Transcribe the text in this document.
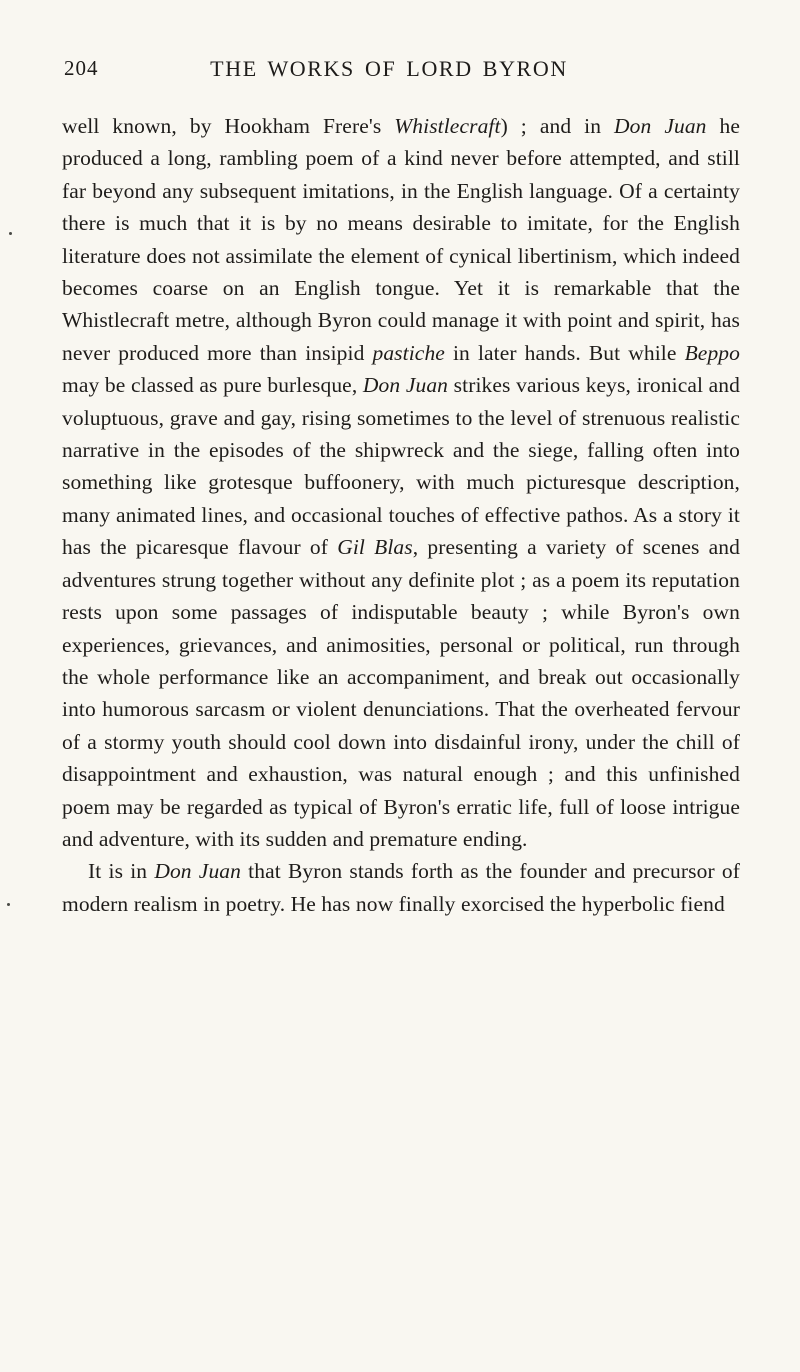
204	THE WORKS OF LORD BYRON

well known, by Hookham Frere's Whistlecraft) ; and in Don Juan he produced a long, rambling poem of a kind never before attempted, and still far beyond any subsequent imitations, in the English language. Of a certainty there is much that it is by no means desirable to imitate, for the English literature does not assimilate the element of cynical libertinism, which indeed becomes coarse on an English tongue. Yet it is remarkable that the Whistlecraft metre, although Byron could manage it with point and spirit, has never produced more than insipid pastiche in later hands. But while Beppo may be classed as pure burlesque, Don Juan strikes various keys, ironical and voluptuous, grave and gay, rising sometimes to the level of strenuous realistic narrative in the episodes of the shipwreck and the siege, falling often into something like grotesque buffoonery, with much picturesque description, many animated lines, and occasional touches of effective pathos. As a story it has the picaresque flavour of Gil Blas, presenting a variety of scenes and adventures strung together without any definite plot ; as a poem its reputation rests upon some passages of indisputable beauty ; while Byron's own experiences, grievances, and animosities, personal or political, run through the whole performance like an accompaniment, and break out occasionally into humorous sarcasm or violent denunciations. That the overheated fervour of a stormy youth should cool down into disdainful irony, under the chill of disappointment and exhaustion, was natural enough ; and this unfinished poem may be regarded as typical of Byron's erratic life, full of loose intrigue and adventure, with its sudden and premature ending.

It is in Don Juan that Byron stands forth as the founder and precursor of modern realism in poetry. He has now finally exorcised the hyperbolic fiend
